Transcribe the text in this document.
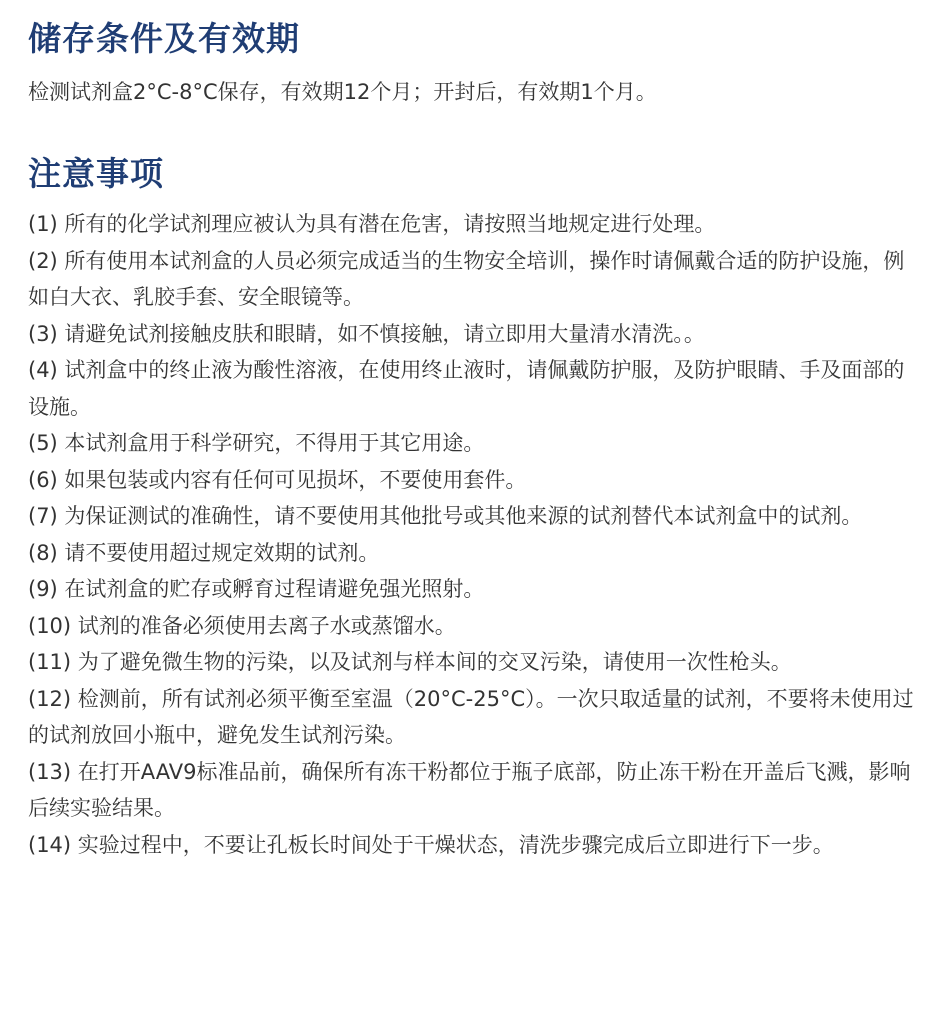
储存条件及有效期

检测试剂盒2°C-8°C保存，有效期12个月；开封后，有效期1个月。

注意事项
(1) 所有的化学试剂理应被认为具有潜在危害，请按照当地规定进行处理。
(2) 所有使用本试剂盒的人员必须完成适当的生物安全培训，操作时请佩戴合适的防护设施，例如白大衣、乳胶手套、安全眼镜等。
(3) 请避免试剂接触皮肤和眼睛，如不慎接触，请立即用大量清水清洗。。
(4) 试剂盒中的终止液为酸性溶液，在使用终止液时，请佩戴防护服，及防护眼睛、手及面部的设施。
(5) 本试剂盒用于科学研究，不得用于其它用途。
(6) 如果包装或内容有任何可见损坏，不要使用套件。
(7) 为保证测试的准确性，请不要使用其他批号或其他来源的试剂替代本试剂盒中的试剂。
(8) 请不要使用超过规定效期的试剂。
(9) 在试剂盒的贮存或孵育过程请避免强光照射。
(10) 试剂的准备必须使用去离子水或蒸馏水。
(11) 为了避免微生物的污染，以及试剂与样本间的交叉污染，请使用一次性枪头。
(12) 检测前，所有试剂必须平衡至室温（20°C-25°C）。一次只取适量的试剂，不要将未使用过的试剂放回小瓶中，避免发生试剂污染。
(13) 在打开AAV9标准品前，确保所有冻干粉都位于瓶子底部，防止冻干粉在开盖后飞溅，影响后续实验结果。
(14) 实验过程中，不要让孔板长时间处于干燥状态，清洗步骤完成后立即进行下一步。
